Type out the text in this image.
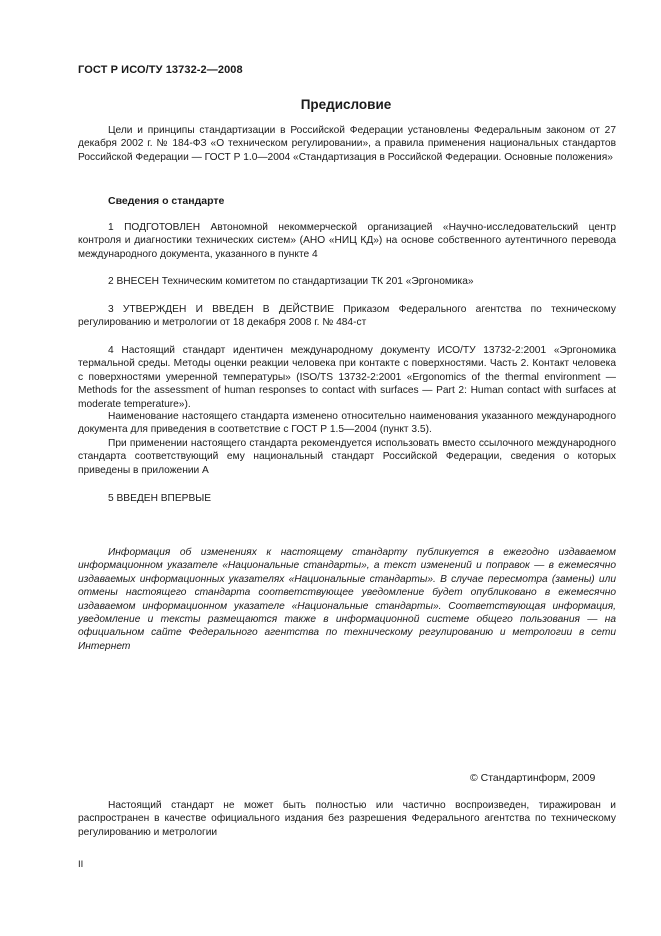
ГОСТ Р ИСО/ТУ 13732-2—2008
Предисловие

Цели и принципы стандартизации в Российской Федерации установлены Федеральным законом от 27 декабря 2002 г. № 184-ФЗ «О техническом регулировании», а правила применения национальных стандартов Российской Федерации — ГОСТ Р 1.0—2004 «Стандартизация в Российской Федерации. Основные положения»

Сведения о стандарте

1 ПОДГОТОВЛЕН Автономной некоммерческой организацией «Научно-исследовательский центр контроля и диагностики технических систем» (АНО «НИЦ КД») на основе собственного аутентичного перевода международного документа, указанного в пункте 4

2 ВНЕСЕН Техническим комитетом по стандартизации ТК 201 «Эргономика»

3 УТВЕРЖДЕН И ВВЕДЕН В ДЕЙСТВИЕ Приказом Федерального агентства по техническому регулированию и метрологии от 18 декабря 2008 г. № 484-ст

4 Настоящий стандарт идентичен международному документу ИСО/ТУ 13732-2:2001 «Эргономика термальной среды. Методы оценки реакции человека при контакте с поверхностями. Часть 2. Контакт человека с поверхностями умеренной температуры» (ISO/TS 13732-2:2001 «Ergonomics of the thermal environment — Methods for the assessment of human responses to contact with surfaces — Part 2: Human contact with surfaces at moderate temperature»).

Наименование настоящего стандарта изменено относительно наименования указанного международного документа для приведения в соответствие с ГОСТ Р 1.5—2004 (пункт 3.5).

При применении настоящего стандарта рекомендуется использовать вместо ссылочного международного стандарта соответствующий ему национальный стандарт Российской Федерации, сведения о которых приведены в приложении А

5 ВВЕДЕН ВПЕРВЫЕ

Информация об изменениях к настоящему стандарту публикуется в ежегодно издаваемом информационном указателе «Национальные стандарты», а текст изменений и поправок — в ежемесячно издаваемых информационных указателях «Национальные стандарты». В случае пересмотра (замены) или отмены настоящего стандарта соответствующее уведомление будет опубликовано в ежемесячно издаваемом информационном указателе «Национальные стандарты». Соответствующая информация, уведомление и тексты размещаются также в информационной системе общего пользования — на официальном сайте Федерального агентства по техническому регулированию и метрологии в сети Интернет

© Стандартинформ, 2009

Настоящий стандарт не может быть полностью или частично воспроизведен, тиражирован и распространен в качестве официального издания без разрешения Федерального агентства по техническому регулированию и метрологии

II
